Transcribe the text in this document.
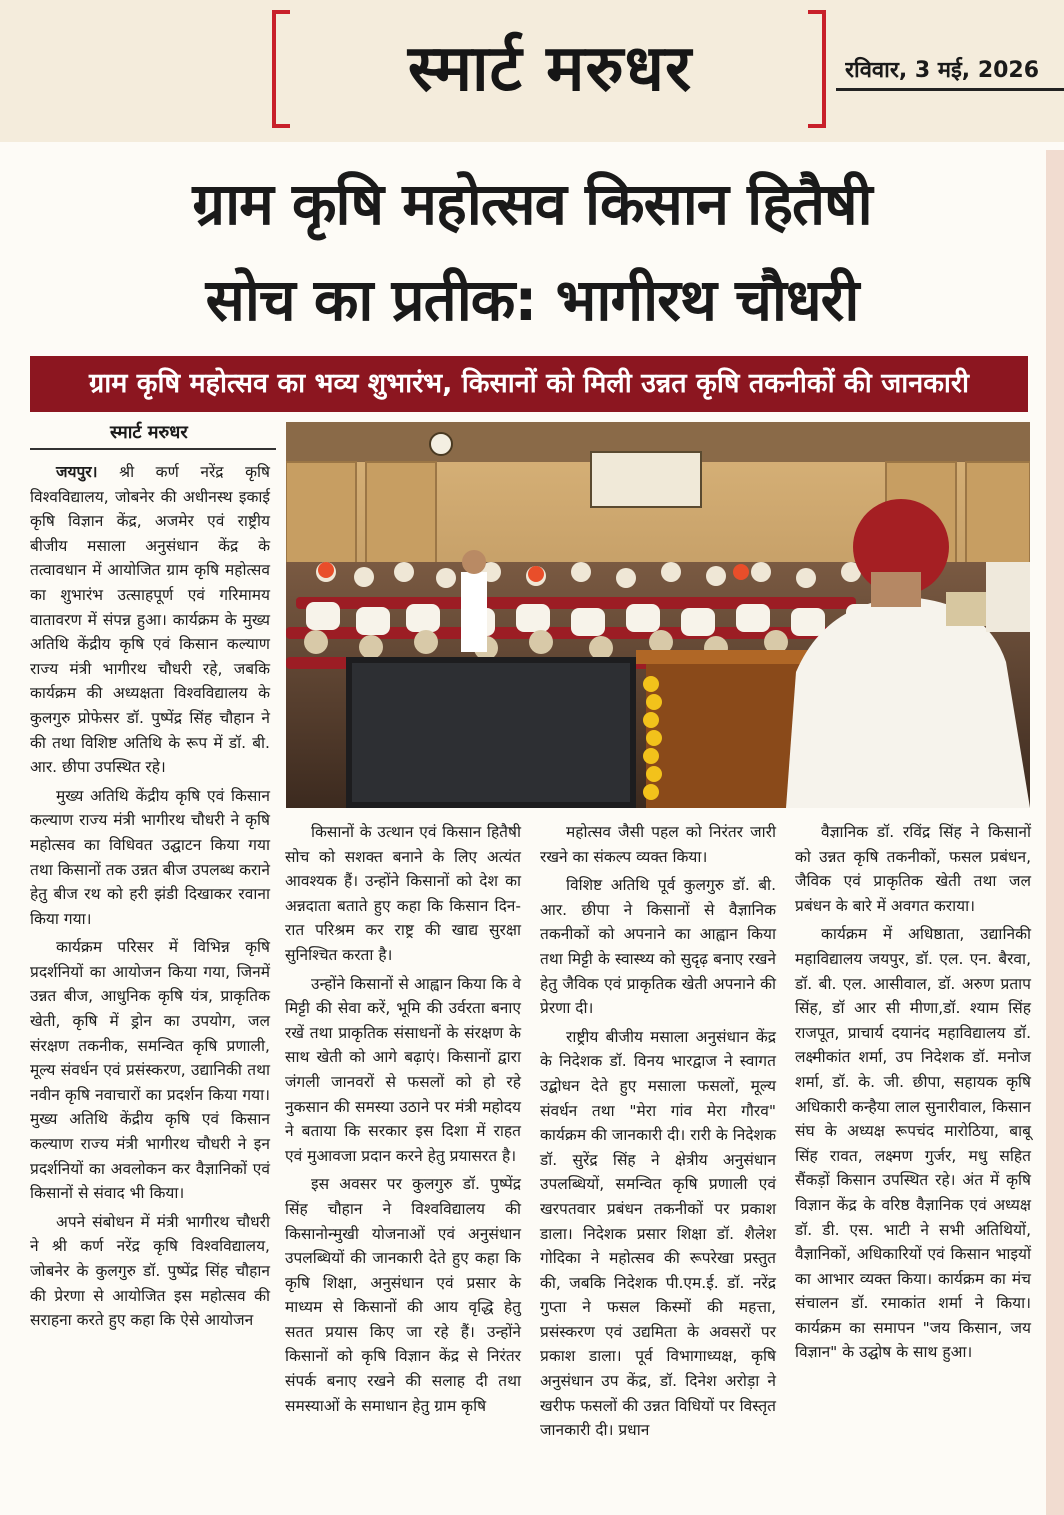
स्मार्ट मरुधर	रविवार, 3 मई, 2026
ग्राम कृषि महोत्सव किसान हितैषी
सोच का प्रतीक: भागीरथ चौधरी
ग्राम कृषि महोत्सव का भव्य शुभारंभ, किसानों को मिली उन्नत कृषि तकनीकों की जानकारी
स्मार्ट मरुधर

जयपुर। श्री कर्ण नरेंद्र कृषि विश्वविद्यालय, जोबनेर की अधीनस्थ इकाई कृषि विज्ञान केंद्र, अजमेर एवं राष्ट्रीय बीजीय मसाला अनुसंधान केंद्र के तत्वावधान में आयोजित ग्राम कृषि महोत्सव का शुभारंभ उत्साहपूर्ण एवं गरिमामय वातावरण में संपन्न हुआ। कार्यक्रम के मुख्य अतिथि केंद्रीय कृषि एवं किसान कल्याण राज्य मंत्री भागीरथ चौधरी रहे, जबकि कार्यक्रम की अध्यक्षता विश्वविद्यालय के कुलगुरु प्रोफेसर डॉ. पुष्पेंद्र सिंह चौहान ने की तथा विशिष्ट अतिथि के रूप में डॉ. बी. आर. छीपा उपस्थित रहे।

मुख्य अतिथि केंद्रीय कृषि एवं किसान कल्याण राज्य मंत्री भागीरथ चौधरी ने कृषि महोत्सव का विधिवत उद्घाटन किया गया तथा किसानों तक उन्नत बीज उपलब्ध कराने हेतु बीज रथ को हरी झंडी दिखाकर रवाना किया गया।

कार्यक्रम परिसर में विभिन्न कृषि प्रदर्शनियों का आयोजन किया गया, जिनमें उन्नत बीज, आधुनिक कृषि यंत्र, प्राकृतिक खेती, कृषि में ड्रोन का उपयोग, जल संरक्षण तकनीक, समन्वित कृषि प्रणाली, मूल्य संवर्धन एवं प्रसंस्करण, उद्यानिकी तथा नवीन कृषि नवाचारों का प्रदर्शन किया गया। मुख्य अतिथि केंद्रीय कृषि एवं किसान कल्याण राज्य मंत्री भागीरथ चौधरी ने इन प्रदर्शनियों का अवलोकन कर वैज्ञानिकों एवं किसानों से संवाद भी किया।

अपने संबोधन में मंत्री भागीरथ चौधरी ने श्री कर्ण नरेंद्र कृषि विश्वविद्यालय, जोबनेर के कुलगुरु डॉ. पुष्पेंद्र सिंह चौहान की प्रेरणा से आयोजित इस महोत्सव की सराहना करते हुए कहा कि ऐसे आयोजन

किसानों के उत्थान एवं किसान हितैषी सोच को सशक्त बनाने के लिए अत्यंत आवश्यक हैं। उन्होंने किसानों को देश का अन्नदाता बताते हुए कहा कि किसान दिन-रात परिश्रम कर राष्ट्र की खाद्य सुरक्षा सुनिश्चित करता है।

उन्होंने किसानों से आह्वान किया कि वे मिट्टी की सेवा करें, भूमि की उर्वरता बनाए रखें तथा प्राकृतिक संसाधनों के संरक्षण के साथ खेती को आगे बढ़ाएं। किसानों द्वारा जंगली जानवरों से फसलों को हो रहे नुकसान की समस्या उठाने पर मंत्री महोदय ने बताया कि सरकार इस दिशा में राहत एवं मुआवजा प्रदान करने हेतु प्रयासरत है।

इस अवसर पर कुलगुरु डॉ. पुष्पेंद्र सिंह चौहान ने विश्वविद्यालय की किसानोन्मुखी योजनाओं एवं अनुसंधान उपलब्धियों की जानकारी देते हुए कहा कि कृषि शिक्षा, अनुसंधान एवं प्रसार के माध्यम से किसानों की आय वृद्धि हेतु सतत प्रयास किए जा रहे हैं। उन्होंने किसानों को कृषि विज्ञान केंद्र से निरंतर संपर्क बनाए रखने की सलाह दी तथा समस्याओं के समाधान हेतु ग्राम कृषि

महोत्सव जैसी पहल को निरंतर जारी रखने का संकल्प व्यक्त किया।

विशिष्ट अतिथि पूर्व कुलगुरु डॉ. बी. आर. छीपा ने किसानों से वैज्ञानिक तकनीकों को अपनाने का आह्वान किया तथा मिट्टी के स्वास्थ्य को सुदृढ़ बनाए रखने हेतु जैविक एवं प्राकृतिक खेती अपनाने की प्रेरणा दी।

राष्ट्रीय बीजीय मसाला अनुसंधान केंद्र के निदेशक डॉ. विनय भारद्वाज ने स्वागत उद्बोधन देते हुए मसाला फसलों, मूल्य संवर्धन तथा "मेरा गांव मेरा गौरव" कार्यक्रम की जानकारी दी। रारी के निदेशक डॉ. सुरेंद्र सिंह ने क्षेत्रीय अनुसंधान उपलब्धियों, समन्वित कृषि प्रणाली एवं खरपतवार प्रबंधन तकनीकों पर प्रकाश डाला। निदेशक प्रसार शिक्षा डॉ. शैलेश गोदिका ने महोत्सव की रूपरेखा प्रस्तुत की, जबकि निदेशक पी.एम.ई. डॉ. नरेंद्र गुप्ता ने फसल किस्मों की महत्ता, प्रसंस्करण एवं उद्यमिता के अवसरों पर प्रकाश डाला। पूर्व विभागाध्यक्ष, कृषि अनुसंधान उप केंद्र, डॉ. दिनेश अरोड़ा ने खरीफ फसलों की उन्नत विधियों पर विस्तृत जानकारी दी। प्रधान

वैज्ञानिक डॉ. रविंद्र सिंह ने किसानों को उन्नत कृषि तकनीकों, फसल प्रबंधन, जैविक एवं प्राकृतिक खेती तथा जल प्रबंधन के बारे में अवगत कराया।

कार्यक्रम में अधिष्ठाता, उद्यानिकी महाविद्यालय जयपुर, डॉ. एल. एन. बैरवा, डॉ. बी. एल. आसीवाल, डॉ. अरुण प्रताप सिंह, डॉ आर सी मीणा,डॉ. श्याम सिंह राजपूत, प्राचार्य दयानंद महाविद्यालय डॉ. लक्ष्मीकांत शर्मा, उप निदेशक डॉ. मनोज शर्मा, डॉ. के. जी. छीपा, सहायक कृषि अधिकारी कन्हैया लाल सुनारीवाल, किसान संघ के अध्यक्ष रूपचंद मारोठिया, बाबू सिंह रावत, लक्ष्मण गुर्जर, मधु सहित सैंकड़ों किसान उपस्थित रहे। अंत में कृषि विज्ञान केंद्र के वरिष्ठ वैज्ञानिक एवं अध्यक्ष डॉ. डी. एस. भाटी ने सभी अतिथियों, वैज्ञानिकों, अधिकारियों एवं किसान भाइयों का आभार व्यक्त किया। कार्यक्रम का मंच संचालन डॉ. रमाकांत शर्मा ने किया। कार्यक्रम का समापन "जय किसान, जय विज्ञान" के उद्घोष के साथ हुआ।
